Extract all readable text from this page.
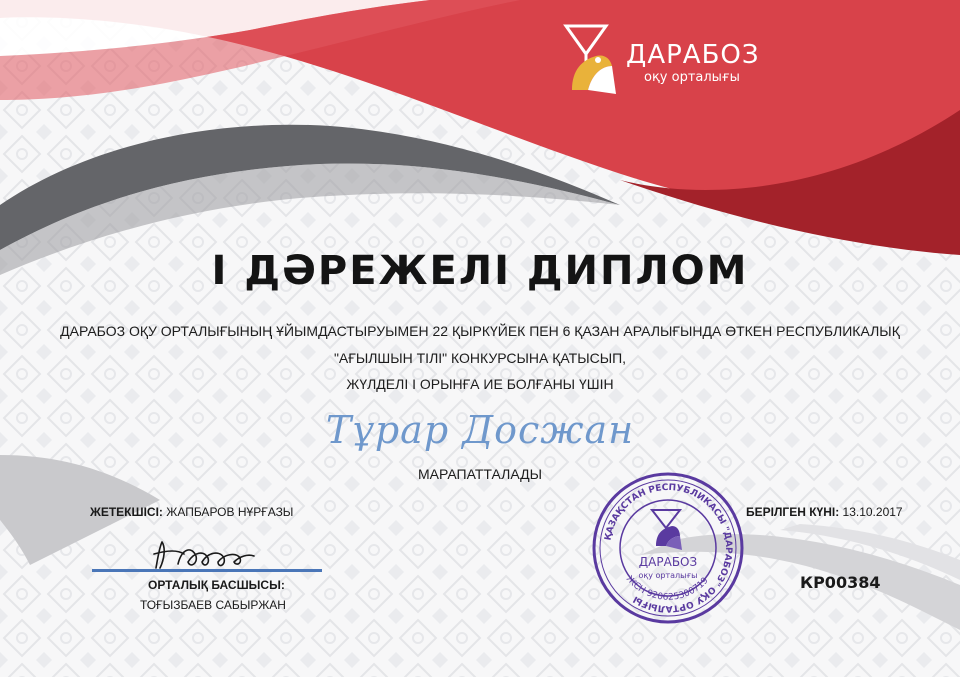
ДАРАБОЗ
оқу орталығы
І ДӘРЕЖЕЛІ ДИПЛОМ
ДАРАБОЗ ОҚУ ОРТАЛЫҒЫНЫҢ ҰЙЫМДАСТЫРУЫМЕН 22 ҚЫРКҮЙЕК ПЕН 6 ҚАЗАН АРАЛЫҒЫНДА ӨТКЕН РЕСПУБЛИКАЛЫҚ
"АҒЫЛШЫН ТІЛІ" КОНКУРСЫНА ҚАТЫСЫП,
ЖҮЛДЕЛІ І ОРЫНҒА ИЕ БОЛҒАНЫ ҮШІН
Тұрар Досжан
МАРАПАТТАЛАДЫ
ЖЕТЕКШІСІ: ЖАПБАРОВ НҰРҒАЗЫ	БЕРІЛГЕН КҮНІ: 13.10.2017
ОРТАЛЫҚ БАСШЫСЫ:
ТОҒЫЗБАЕВ САБЫРЖАН
ҚАЗАҚСТАН РЕСПУБЛИКАСЫ "ДАРАБОЗ" ОҚУ ОРТАЛЫҒЫ
ЖСН 920625300719
ДАРАБОЗ
оқу орталығы	КР00384
